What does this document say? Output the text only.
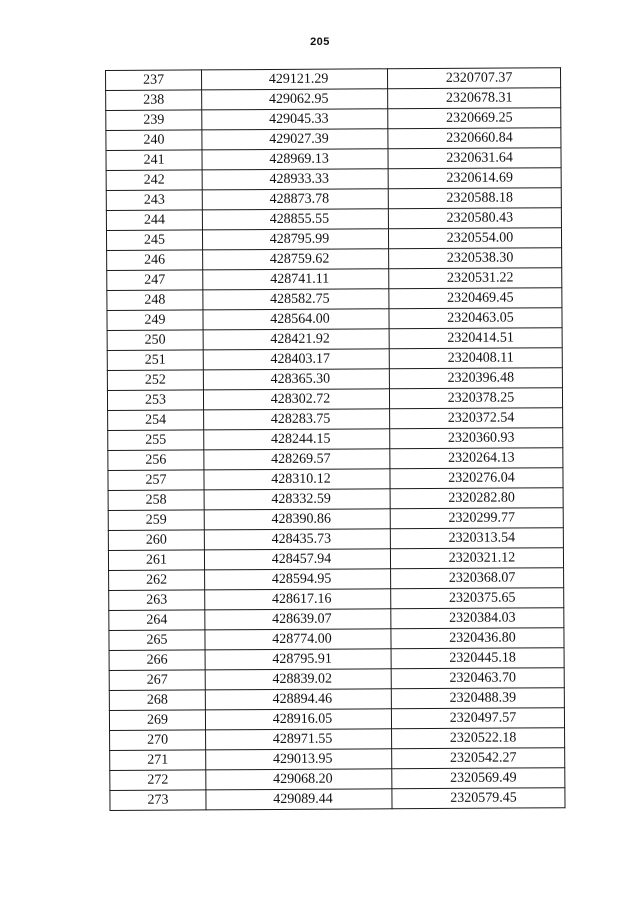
205
237	429121.29	2320707.37
238	429062.95	2320678.31
239	429045.33	2320669.25
240	429027.39	2320660.84
241	428969.13	2320631.64
242	428933.33	2320614.69
243	428873.78	2320588.18
244	428855.55	2320580.43
245	428795.99	2320554.00
246	428759.62	2320538.30
247	428741.11	2320531.22
248	428582.75	2320469.45
249	428564.00	2320463.05
250	428421.92	2320414.51
251	428403.17	2320408.11
252	428365.30	2320396.48
253	428302.72	2320378.25
254	428283.75	2320372.54
255	428244.15	2320360.93
256	428269.57	2320264.13
257	428310.12	2320276.04
258	428332.59	2320282.80
259	428390.86	2320299.77
260	428435.73	2320313.54
261	428457.94	2320321.12
262	428594.95	2320368.07
263	428617.16	2320375.65
264	428639.07	2320384.03
265	428774.00	2320436.80
266	428795.91	2320445.18
267	428839.02	2320463.70
268	428894.46	2320488.39
269	428916.05	2320497.57
270	428971.55	2320522.18
271	429013.95	2320542.27
272	429068.20	2320569.49
273	429089.44	2320579.45
